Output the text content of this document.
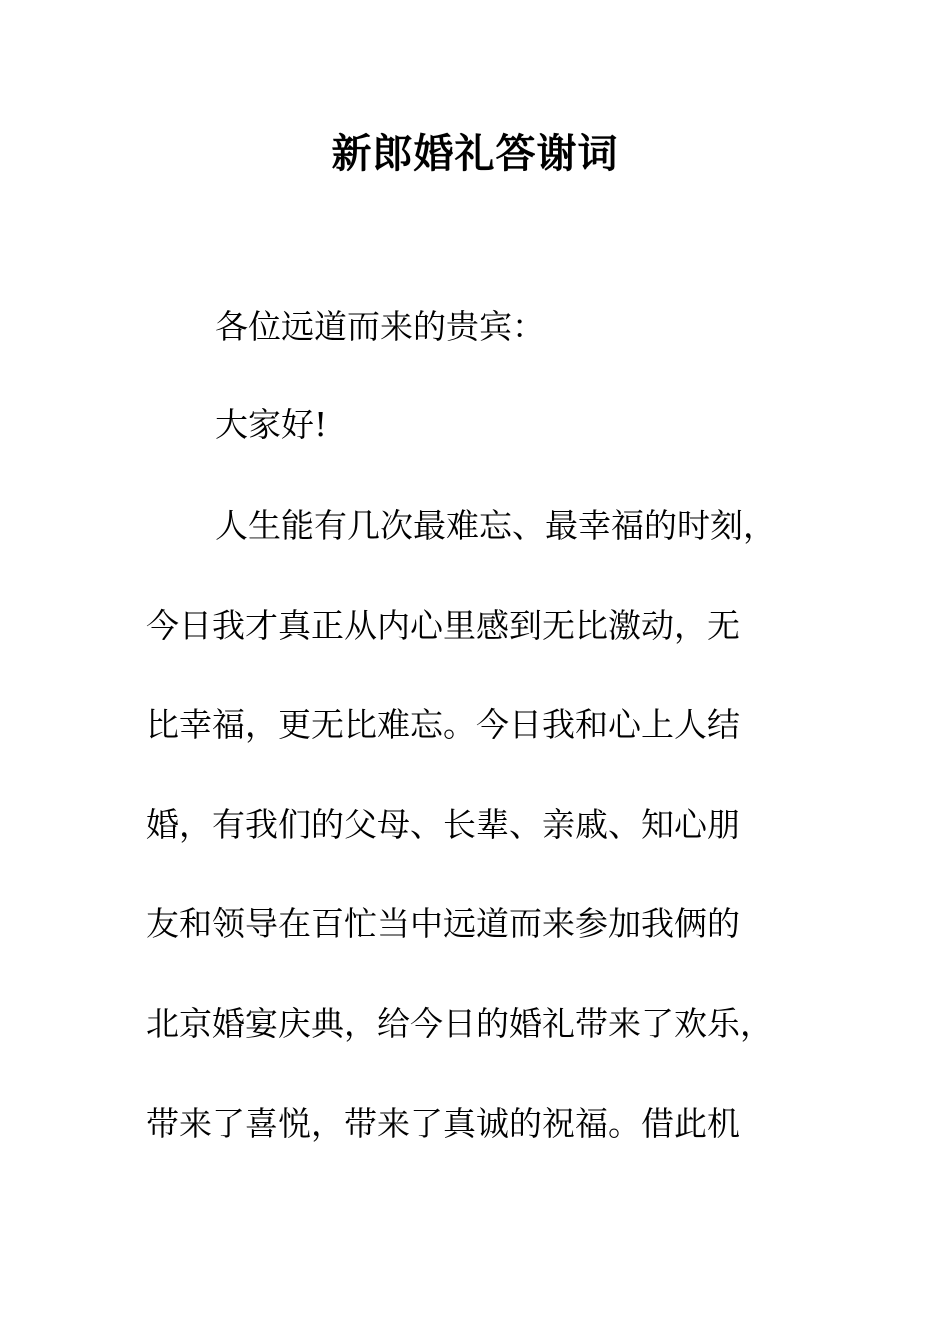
新郎婚礼答谢词

各位远道而来的贵宾：

大家好!

人生能有几次最难忘、最幸福的时刻，

今日我才真正从内心里感到无比激动，无

比幸福，更无比难忘。今日我和心上人结

婚，有我们的父母、长辈、亲戚、知心朋

友和领导在百忙当中远道而来参加我俩的

北京婚宴庆典，给今日的婚礼带来了欢乐，

带来了喜悦，带来了真诚的祝福。借此机
